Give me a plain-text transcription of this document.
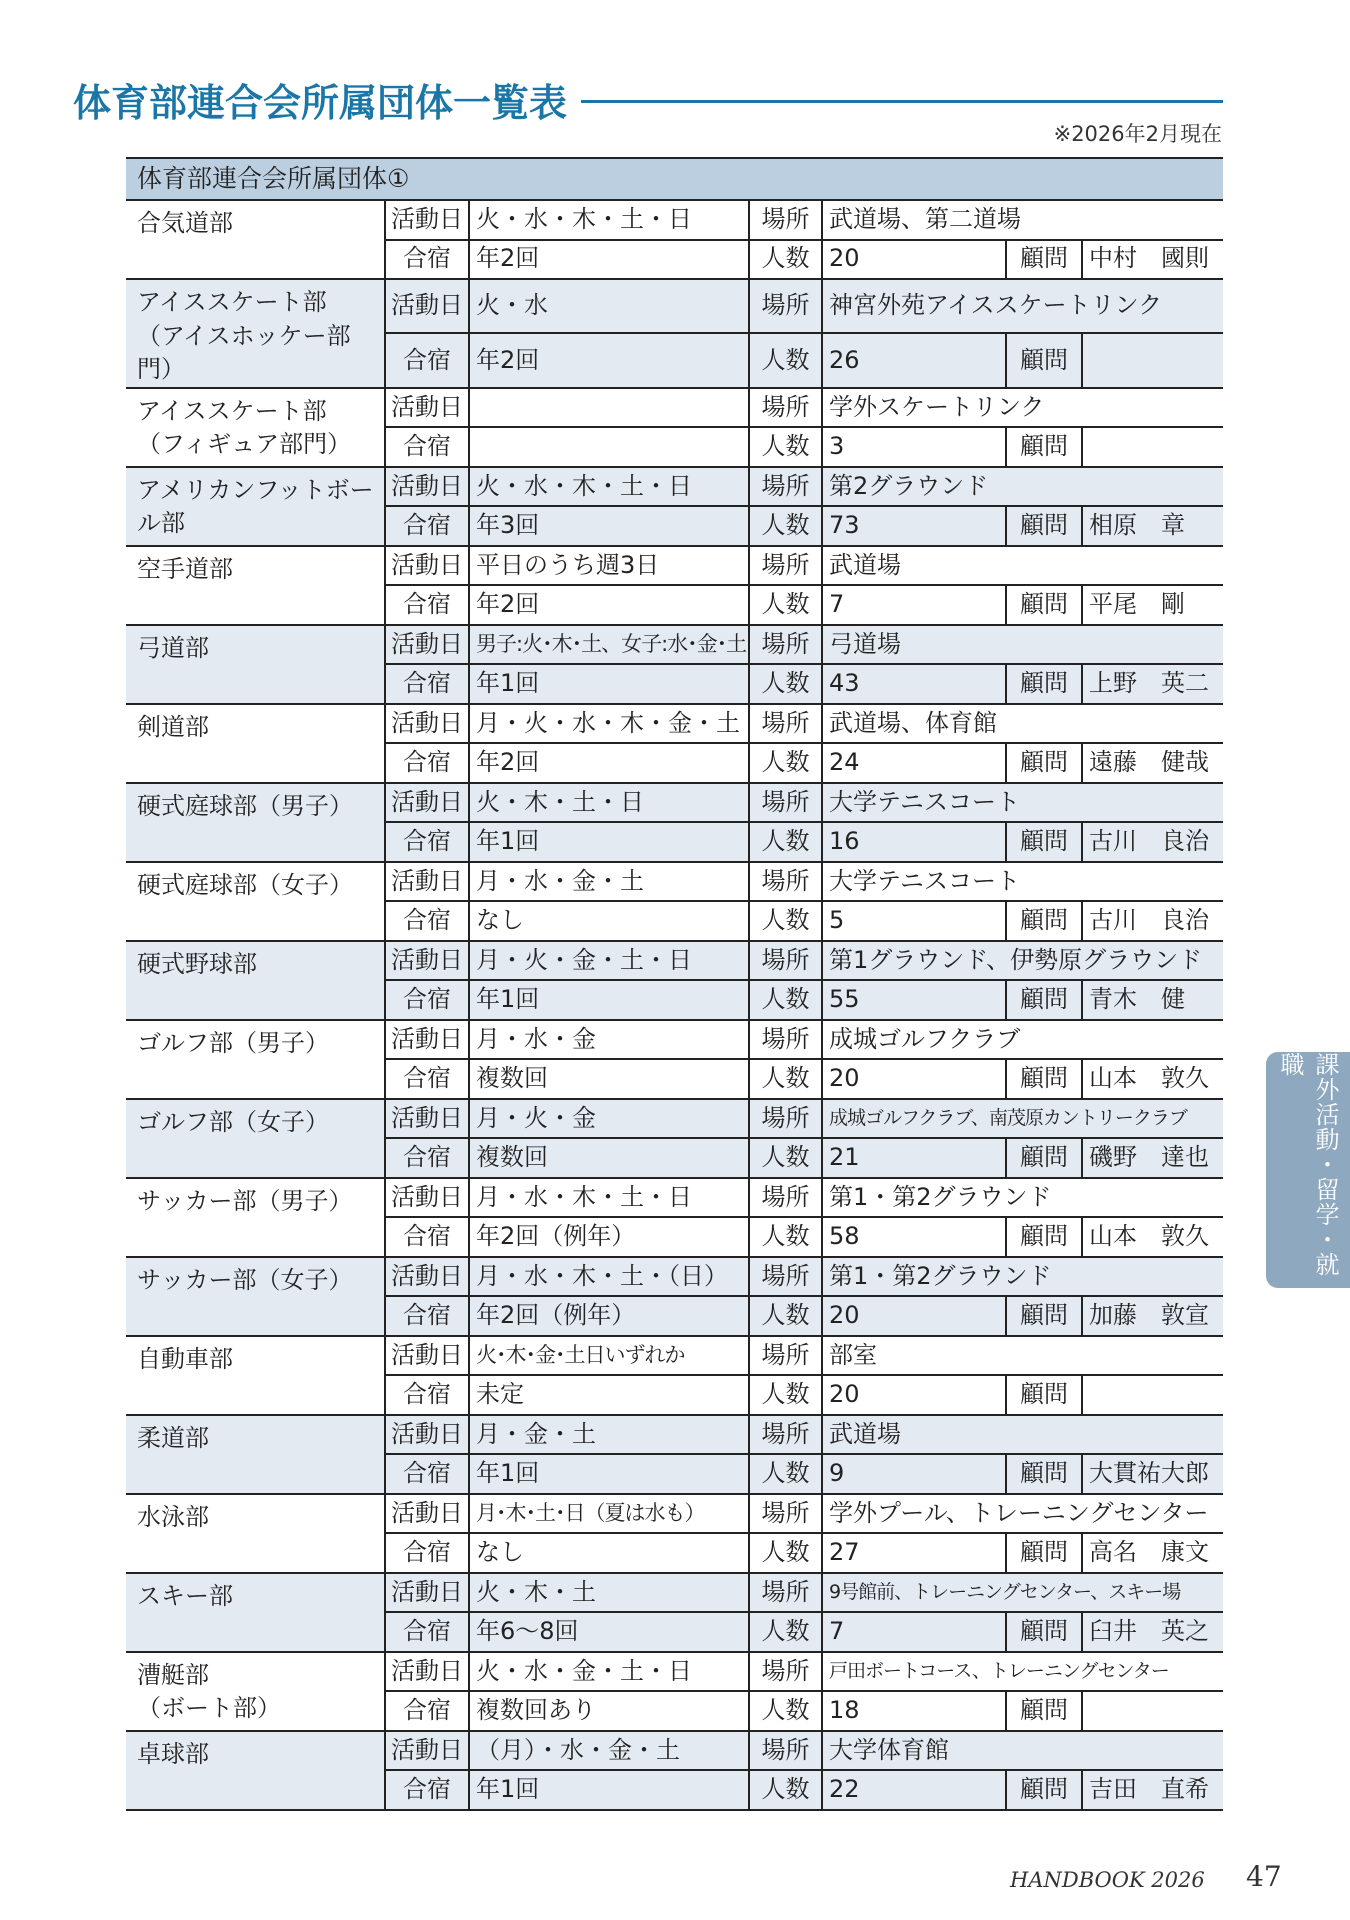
体育部連合会所属団体一覧表
※2026年2月現在
体育部連合会所属団体①						
合気道部	活動日	火・水・木・土・日	場所	武道場、第二道場		
	合宿	年2回	人数	20	顧問	中村　國則
アイススケート部
（アイスホッケー部門）	活動日	火・水	場所	神宮外苑アイススケートリンク		
	合宿	年2回	人数	26	顧問	
アイススケート部
（フィギュア部門）	活動日		場所	学外スケートリンク		
	合宿		人数	3	顧問	
アメリカンフットボール部	活動日	火・水・木・土・日	場所	第2グラウンド		
	合宿	年3回	人数	73	顧問	相原　章
空手道部	活動日	平日のうち週3日	場所	武道場		
	合宿	年2回	人数	7	顧問	平尾　剛
弓道部	活動日	男子:火･木･土、女子:水･金･土	場所	弓道場		
	合宿	年1回	人数	43	顧問	上野　英二
剣道部	活動日	月・火・水・木・金・土	場所	武道場、体育館		
	合宿	年2回	人数	24	顧問	遠藤　健哉
硬式庭球部（男子）	活動日	火・木・土・日	場所	大学テニスコート		
	合宿	年1回	人数	16	顧問	古川　良治
硬式庭球部（女子）	活動日	月・水・金・土	場所	大学テニスコート		
	合宿	なし	人数	5	顧問	古川　良治
硬式野球部	活動日	月・火・金・土・日	場所	第1グラウンド、伊勢原グラウンド		
	合宿	年1回	人数	55	顧問	青木　健
ゴルフ部（男子）	活動日	月・水・金	場所	成城ゴルフクラブ		
	合宿	複数回	人数	20	顧問	山本　敦久
ゴルフ部（女子）	活動日	月・火・金	場所	成城ゴルフクラブ、南茂原カントリークラブ		
	合宿	複数回	人数	21	顧問	磯野　達也
サッカー部（男子）	活動日	月・水・木・土・日	場所	第1・第2グラウンド		
	合宿	年2回（例年）	人数	58	顧問	山本　敦久
サッカー部（女子）	活動日	月・水・木・土・（日）	場所	第1・第2グラウンド		
	合宿	年2回（例年）	人数	20	顧問	加藤　敦宣
自動車部	活動日	火･木･金･土日いずれか	場所	部室		
	合宿	未定	人数	20	顧問	
柔道部	活動日	月・金・土	場所	武道場		
	合宿	年1回	人数	9	顧問	大貫祐大郎
水泳部	活動日	月･木･土･日（夏は水も）	場所	学外プール、トレーニングセンター		
	合宿	なし	人数	27	顧問	高名　康文
スキー部	活動日	火・木・土	場所	9号館前、トレーニングセンター、スキー場		
	合宿	年6～8回	人数	7	顧問	臼井　英之
漕艇部
（ボート部）	活動日	火・水・金・土・日	場所	戸田ボートコース、トレーニングセンター		
	合宿	複数回あり	人数	18	顧問	
卓球部	活動日	（月）・水・金・土	場所	大学体育館		
	合宿	年1回	人数	22	顧問	吉田　直希
課外活動・留学・就職
HANDBOOK 2026 47
